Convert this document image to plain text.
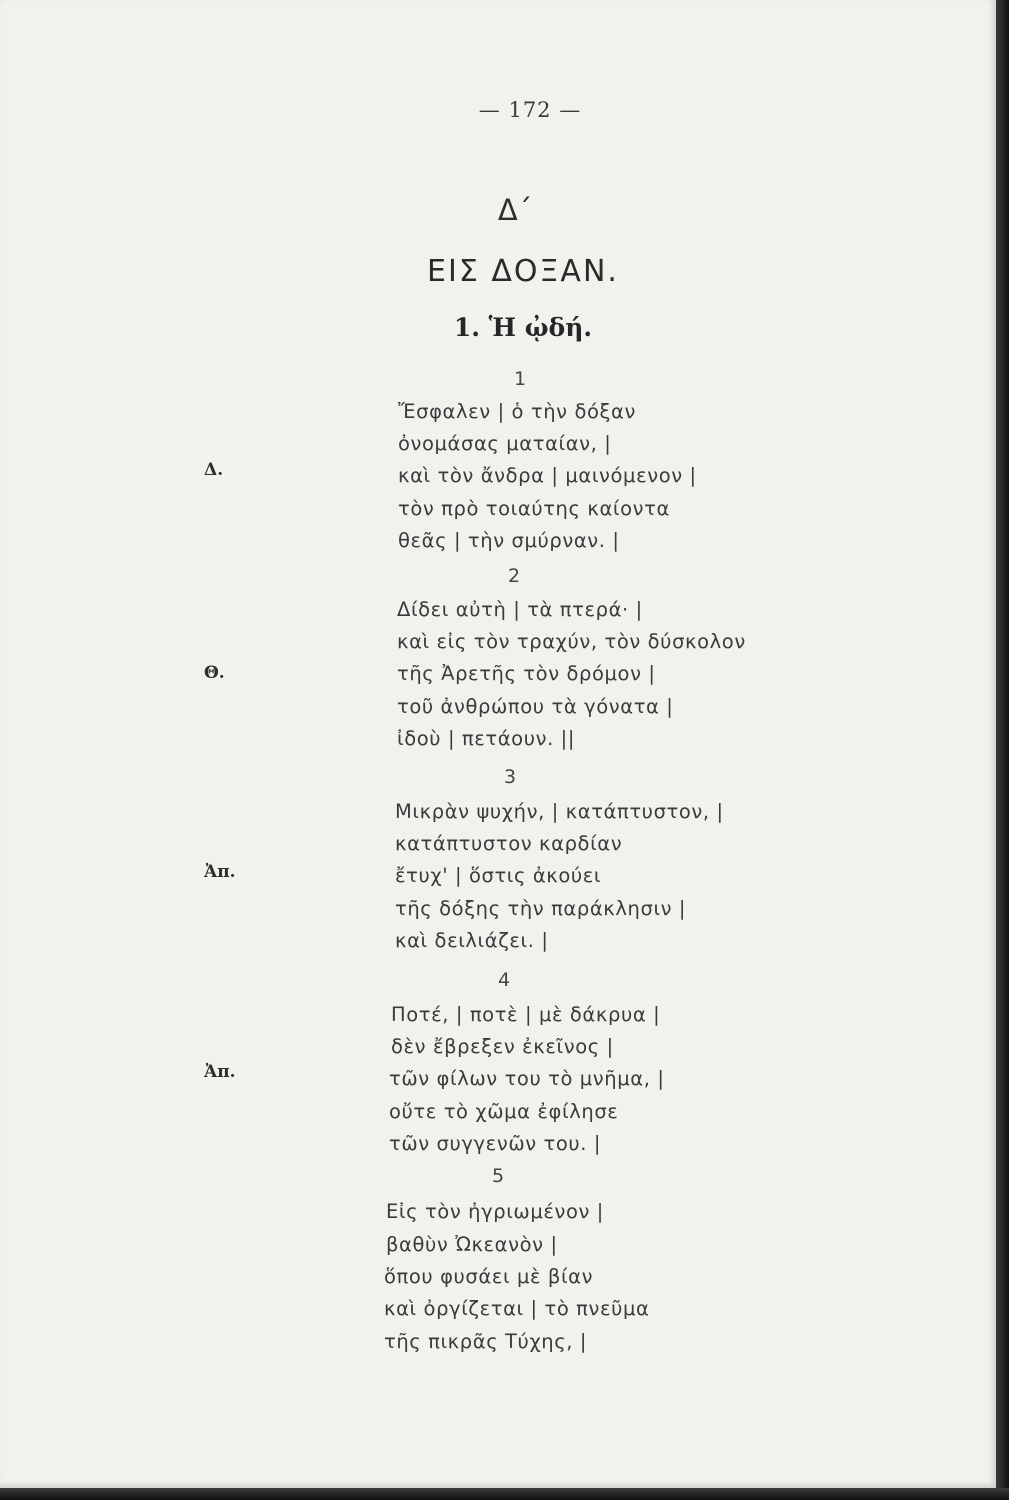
— 172 —
Δ΄
ΕΙΣ ΔΟΞΑΝ.
1. Ἡ ᾠδή.
1
Δ.
Ἔσφαλεν | ὁ τὴν δόξαν
ὀνομάσας ματαίαν, |
καὶ τὸν ἄνδρα | μαινόμενον |
τὸν πρὸ τοιαύτης καίοντα
θεᾶς | τὴν σμύρναν. |
2
Θ.
Δίδει αὐτὴ | τὰ πτερά· |
καὶ εἰς τὸν τραχύν, τὸν δύσκολον
τῆς Ἀρετῆς τὸν δρόμον |
τοῦ ἀνθρώπου τὰ γόνατα |
ἰδοὺ | πετάουν. ||
3
Ἀπ.
Μικρὰν ψυχήν, | κατάπτυστον, |
κατάπτυστον καρδίαν
ἔτυχ' | ὅστις ἀκούει
τῆς δόξης τὴν παράκλησιν |
καὶ δειλιάζει. |
4
Ἀπ.
Ποτέ, | ποτὲ | μὲ δάκρυα |
δὲν ἔβρεξεν ἐκεῖνος |
τῶν φίλων του τὸ μνῆμα, |
οὔτε τὸ χῶμα ἐφίλησε
τῶν συγγενῶν του. |
5
Εἰς τὸν ἠγριωμένον |
βαθὺν Ὠκεανὸν |
ὅπου φυσάει μὲ βίαν
καὶ ὀργίζεται | τὸ πνεῦμα
τῆς πικρᾶς Τύχης, |
